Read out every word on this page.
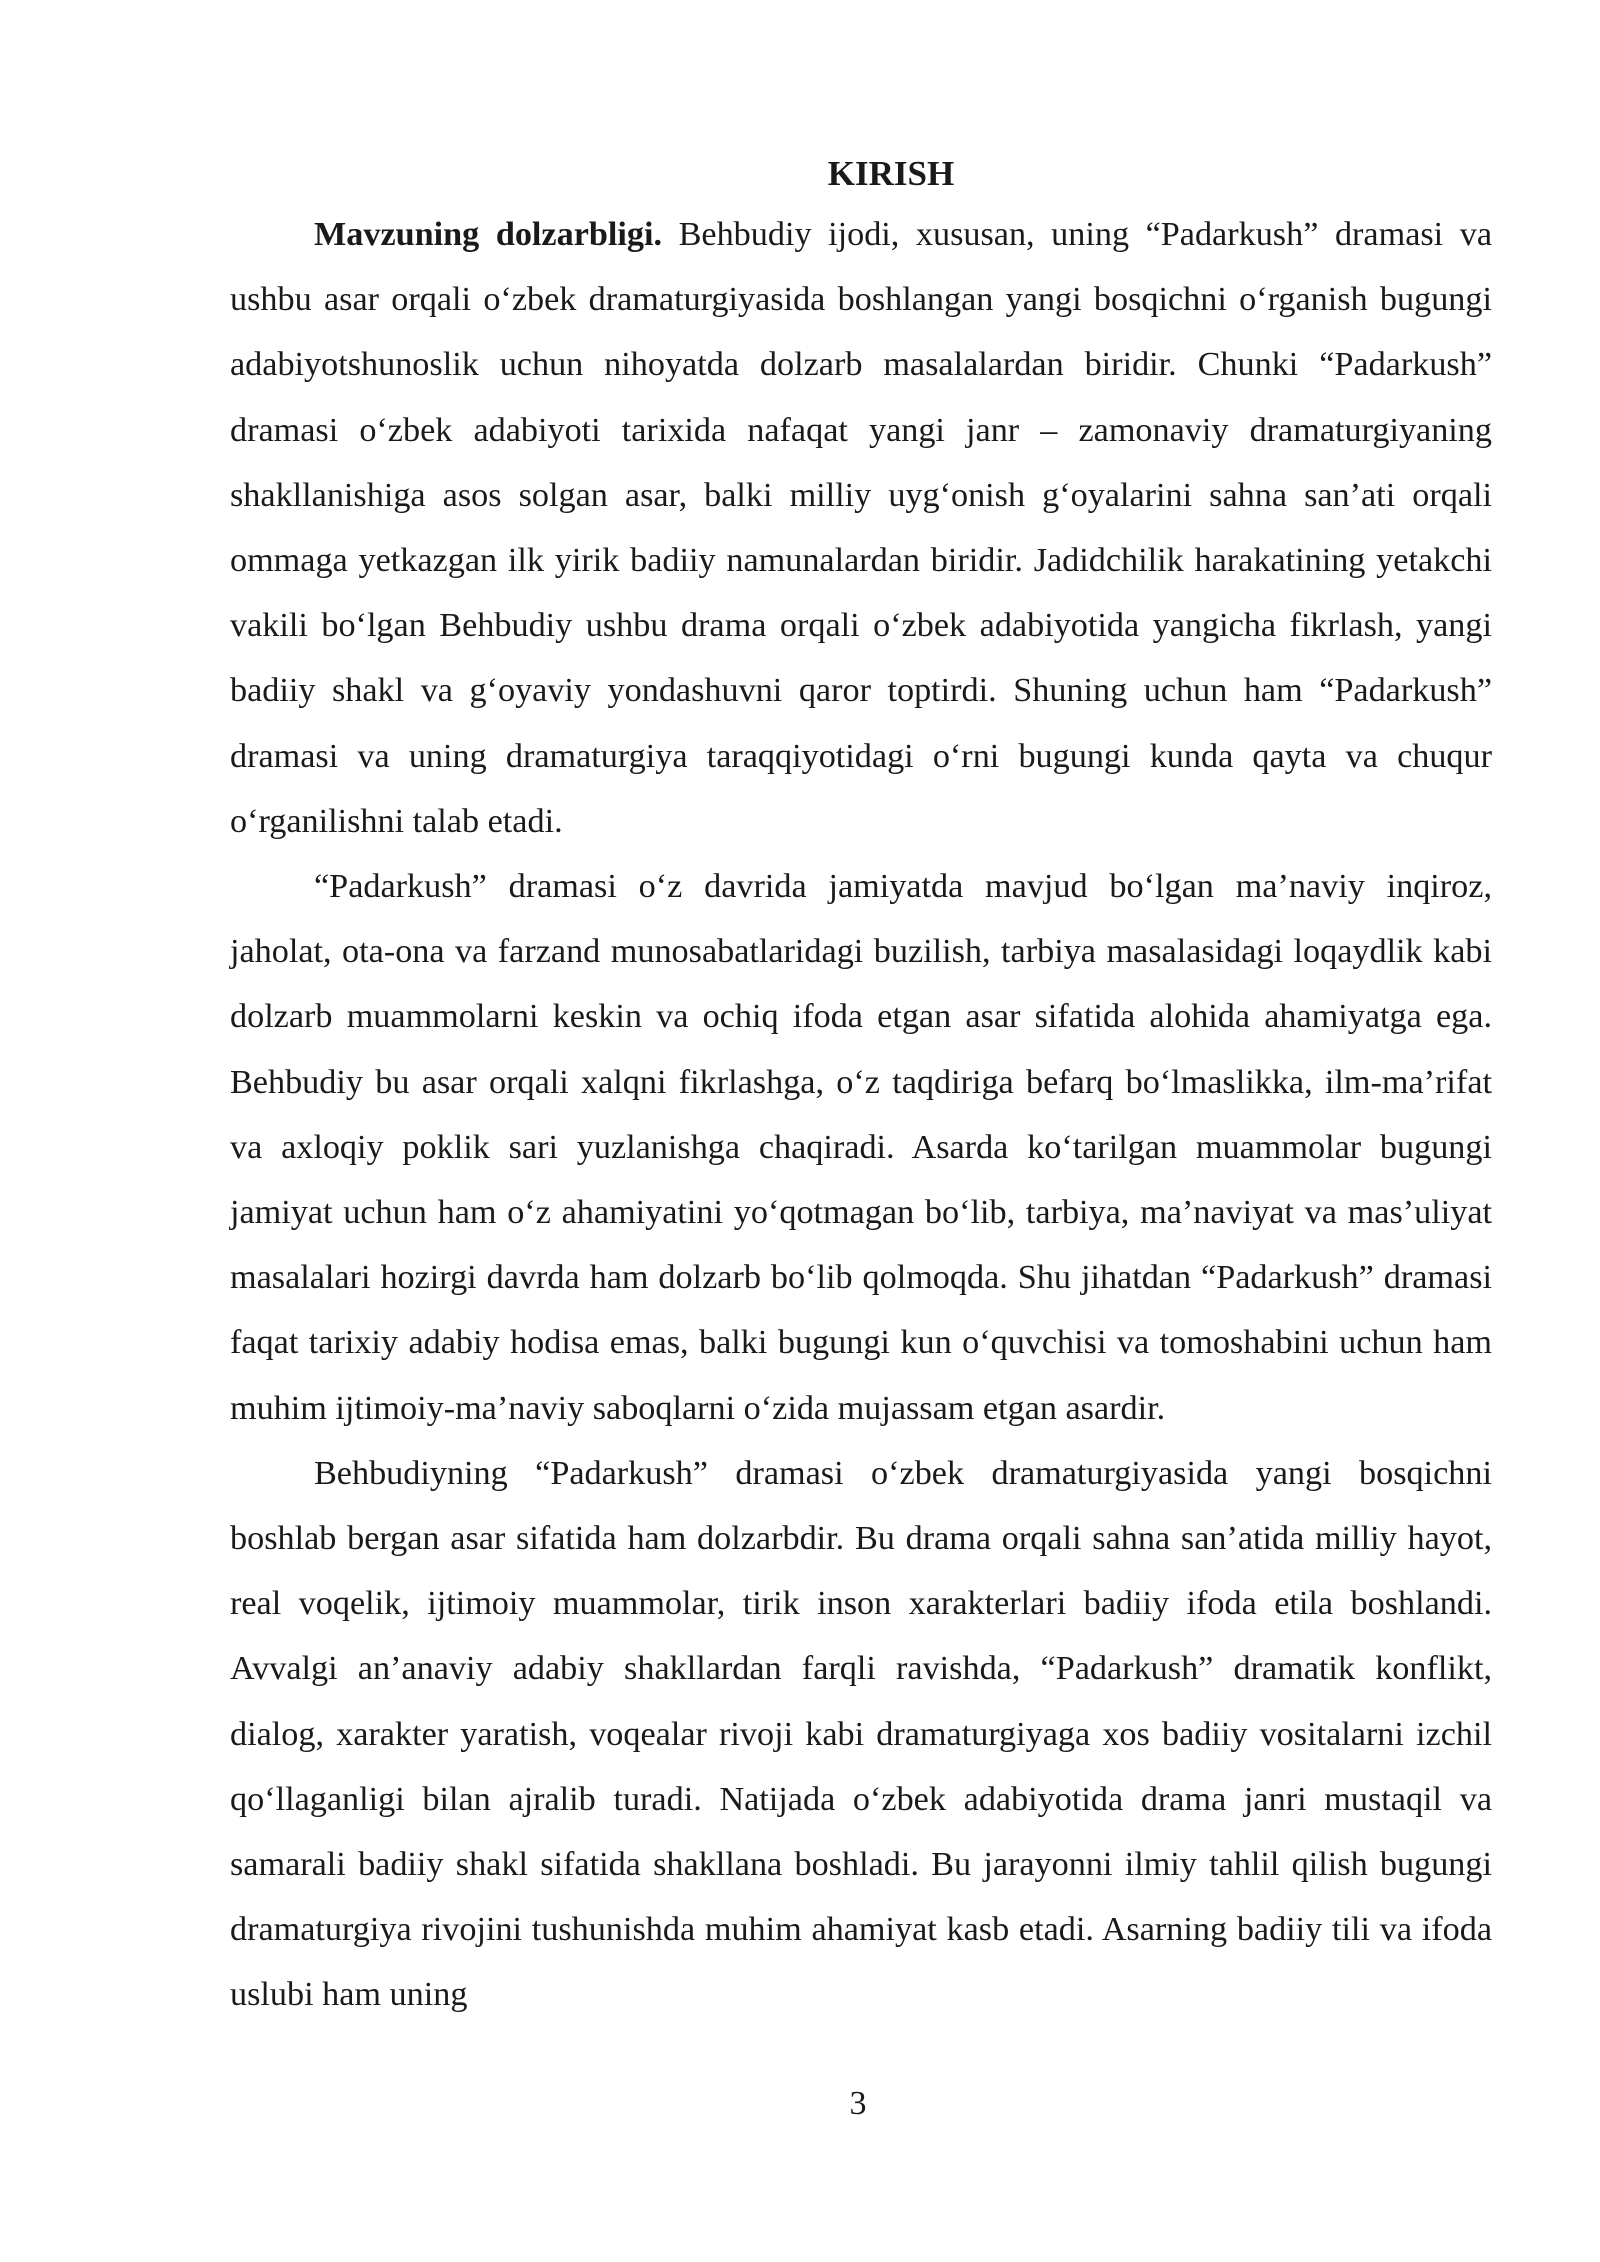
KIRISH

Mavzuning dolzarbligi. Behbudiy ijodi, xususan, uning “Padarkush” dramasi va ushbu asar orqali o‘zbek dramaturgiyasida boshlangan yangi bosqichni o‘rganish bugungi adabiyotshunoslik uchun nihoyatda dolzarb masalalardan biridir. Chunki “Padarkush” dramasi o‘zbek adabiyoti tarixida nafaqat yangi janr – zamonaviy dramaturgiyaning shakllanishiga asos solgan asar, balki milliy uyg‘onish g‘oyalarini sahna san’ati orqali ommaga yetkazgan ilk yirik badiiy namunalardan biridir. Jadidchilik harakatining yetakchi vakili bo‘lgan Behbudiy ushbu drama orqali o‘zbek adabiyotida yangicha fikrlash, yangi badiiy shakl va g‘oyaviy yondashuvni qaror toptirdi. Shuning uchun ham “Padarkush” dramasi va uning dramaturgiya taraqqiyotidagi o‘rni bugungi kunda qayta va chuqur o‘rganilishni talab etadi.

“Padarkush” dramasi o‘z davrida jamiyatda mavjud bo‘lgan ma’naviy inqiroz, jaholat, ota-ona va farzand munosabatlaridagi buzilish, tarbiya masalasidagi loqaydlik kabi dolzarb muammolarni keskin va ochiq ifoda etgan asar sifatida alohida ahamiyatga ega. Behbudiy bu asar orqali xalqni fikrlashga, o‘z taqdiriga befarq bo‘lmaslikka, ilm-ma’rifat va axloqiy poklik sari yuzlanishga chaqiradi. Asarda ko‘tarilgan muammolar bugungi jamiyat uchun ham o‘z ahamiyatini yo‘qotmagan bo‘lib, tarbiya, ma’naviyat va mas’uliyat masalalari hozirgi davrda ham dolzarb bo‘lib qolmoqda. Shu jihatdan “Padarkush” dramasi faqat tarixiy adabiy hodisa emas, balki bugungi kun o‘quvchisi va tomoshabini uchun ham muhim ijtimoiy-ma’naviy saboqlarni o‘zida mujassam etgan asardir.

Behbudiyning “Padarkush” dramasi o‘zbek dramaturgiyasida yangi bosqichni boshlab bergan asar sifatida ham dolzarbdir. Bu drama orqali sahna san’atida milliy hayot, real voqelik, ijtimoiy muammolar, tirik inson xarakterlari badiiy ifoda etila boshlandi. Avvalgi an’anaviy adabiy shakllardan farqli ravishda, “Padarkush” dramatik konflikt, dialog, xarakter yaratish, voqealar rivoji kabi dramaturgiyaga xos badiiy vositalarni izchil qo‘llaganligi bilan ajralib turadi. Natijada o‘zbek adabiyotida drama janri mustaqil va samarali badiiy shakl sifatida shakllana boshladi. Bu jarayonni ilmiy tahlil qilish bugungi dramaturgiya rivojini tushunishda muhim ahamiyat kasb etadi. Asarning badiiy tili va ifoda uslubi ham uning

3
